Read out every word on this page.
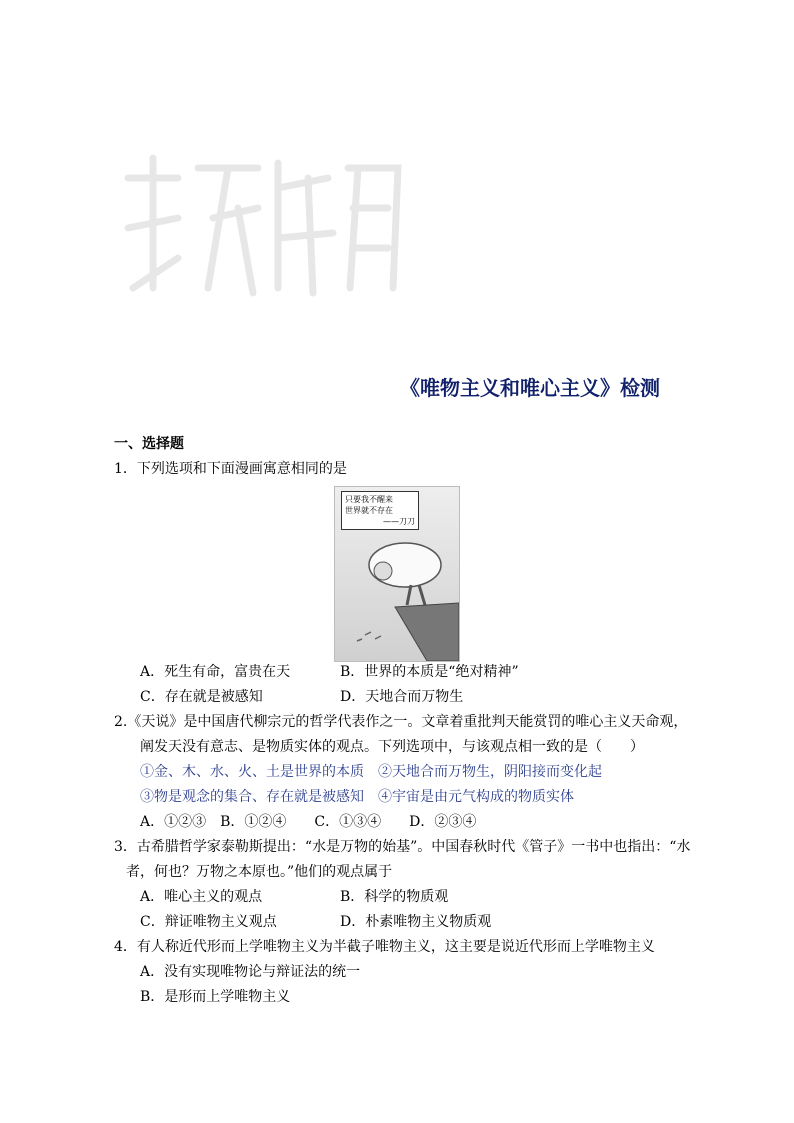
《唯物主义和唯心主义》检测
一、选择题
1．下列选项和下面漫画寓意相同的是
只要我不醒来
世界就不存在
——刀刀
A．死生有命，富贵在天	B．世界的本质是“绝对精神”
C．存在就是被感知	D．天地合而万物生
2.《天说》是中国唐代柳宗元的哲学代表作之一。文章着重批判天能赏罚的唯心主义天命观，
阐发天没有意志、是物质实体的观点。下列选项中，与该观点相一致的是（　　）
①金、木、水、火、土是世界的本质　②天地合而万物生，阴阳接而变化起
③物是观念的集合、存在就是被感知　④宇宙是由元气构成的物质实体
A．①②③　B．①②④　　C．①③④　　D．②③④
3．古希腊哲学家泰勒斯提出：“水是万物的始基”。中国春秋时代《管子》一书中也指出：“水
者，何也？万物之本原也。”他们的观点属于
A．唯心主义的观点	B．科学的物质观
C．辩证唯物主义观点	D．朴素唯物主义物质观
4．有人称近代形而上学唯物主义为半截子唯物主义，这主要是说近代形而上学唯物主义
A．没有实现唯物论与辩证法的统一
B．是形而上学唯物主义
